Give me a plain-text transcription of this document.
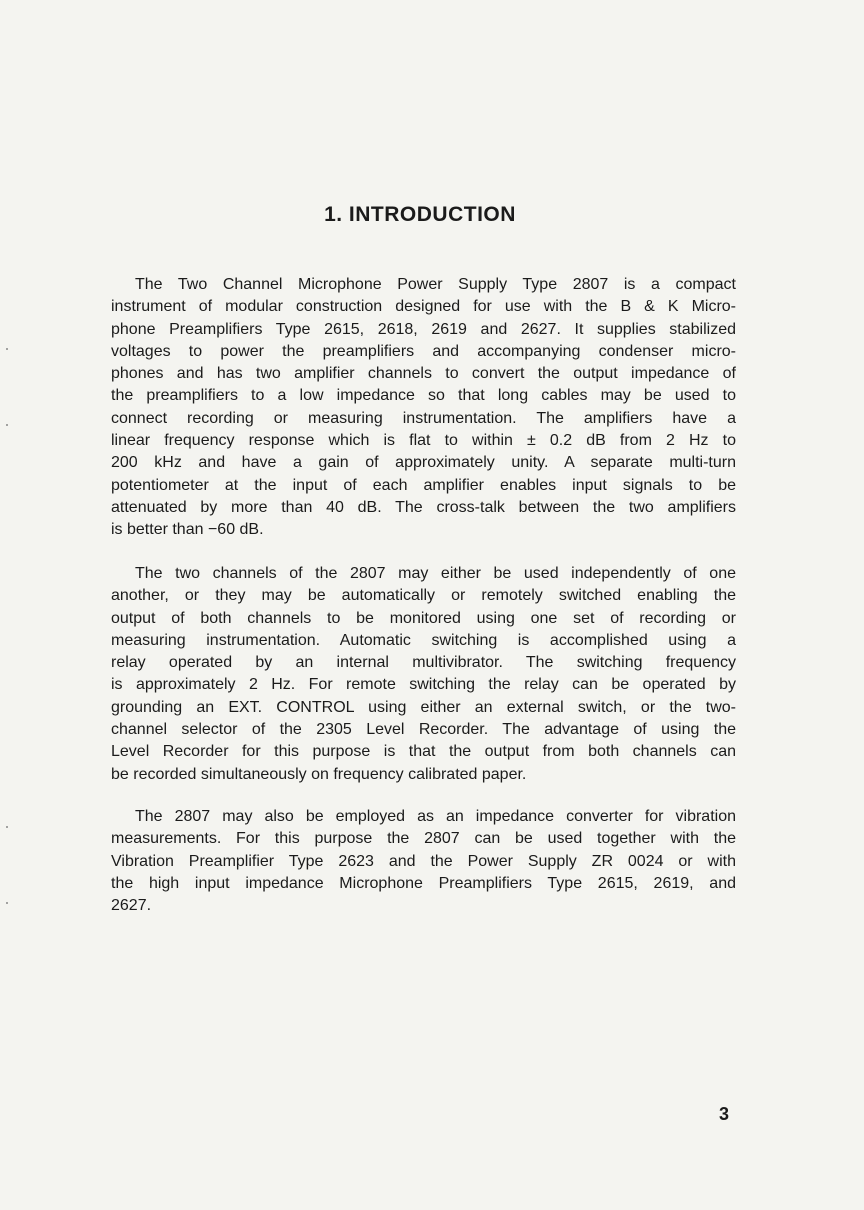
1. INTRODUCTION
The Two Channel Microphone Power Supply Type 2807 is a compact
instrument of modular construction designed for use with the B & K Micro-
phone Preamplifiers Type 2615, 2618, 2619 and 2627. It supplies stabilized
voltages to power the preamplifiers and accompanying condenser micro-
phones and has two amplifier channels to convert the output impedance of
the preamplifiers to a low impedance so that long cables may be used to
connect recording or measuring instrumentation. The amplifiers have a
linear frequency response which is flat to within ± 0.2 dB from 2 Hz to
200 kHz and have a gain of approximately unity. A separate multi-turn
potentiometer at the input of each amplifier enables input signals to be
attenuated by more than 40 dB. The cross-talk between the two amplifiers
is better than −60 dB.
The two channels of the 2807 may either be used independently of one
another, or they may be automatically or remotely switched enabling the
output of both channels to be monitored using one set of recording or
measuring instrumentation. Automatic switching is accomplished using a
relay operated by an internal multivibrator. The switching frequency
is approximately 2 Hz. For remote switching the relay can be operated by
grounding an EXT. CONTROL using either an external switch, or the two-
channel selector of the 2305 Level Recorder. The advantage of using the
Level Recorder for this purpose is that the output from both channels can
be recorded simultaneously on frequency calibrated paper.
The 2807 may also be employed as an impedance converter for vibration
measurements. For this purpose the 2807 can be used together with the
Vibration Preamplifier Type 2623 and the Power Supply ZR 0024 or with
the high input impedance Microphone Preamplifiers Type 2615, 2619, and
2627.
3
